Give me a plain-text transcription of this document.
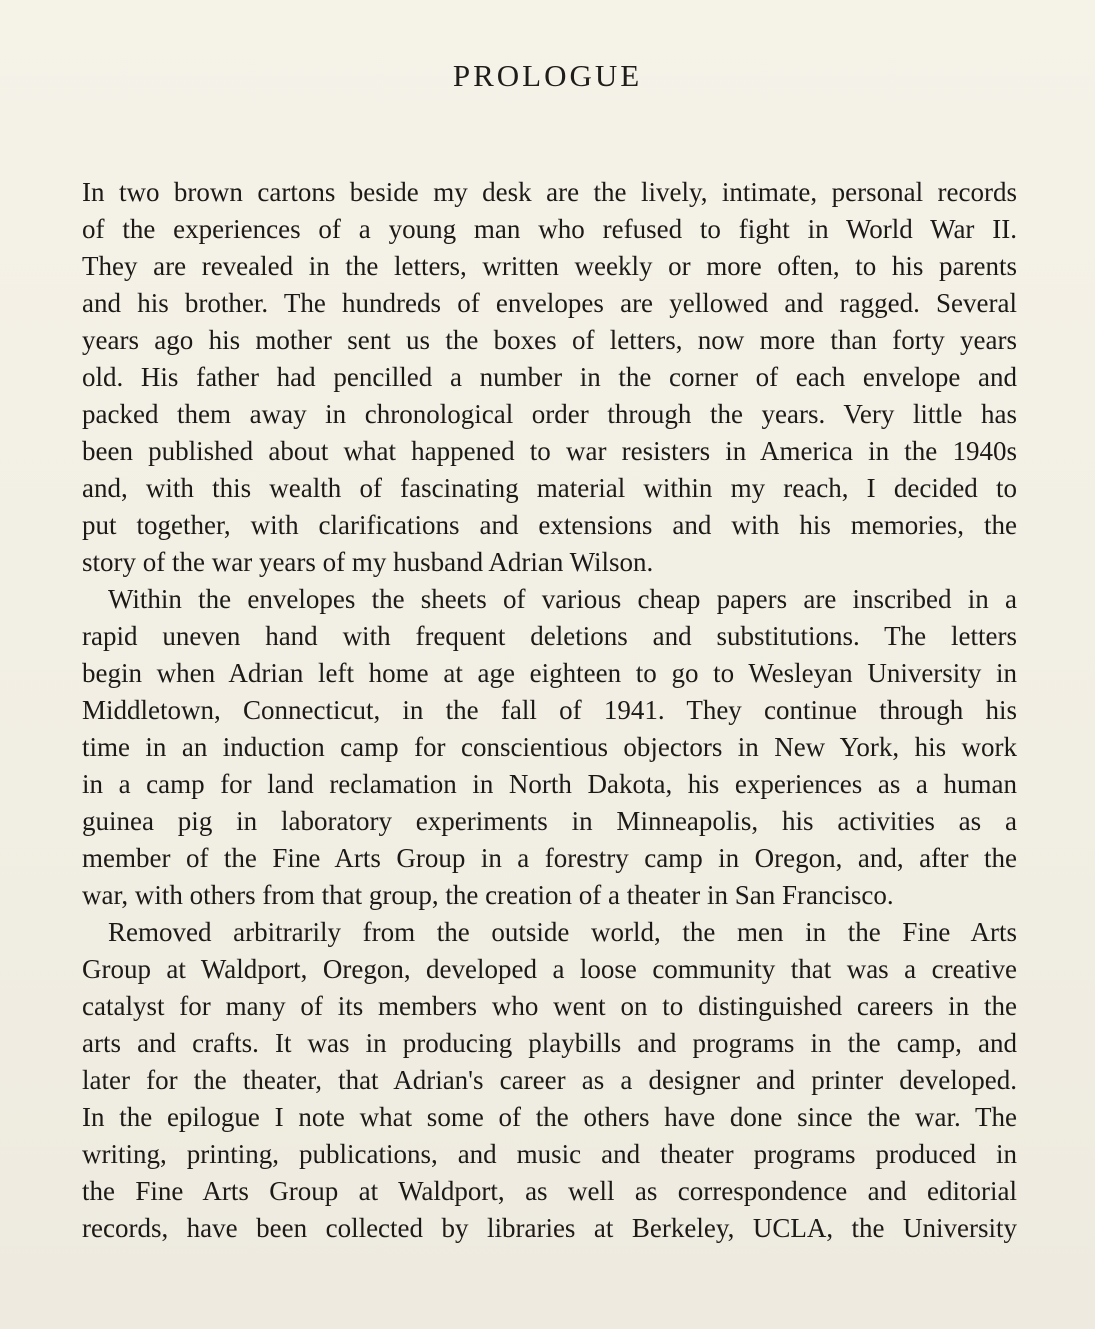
PROLOGUE
In two brown cartons beside my desk are the lively, intimate, personal records
of the experiences of a young man who refused to fight in World War II.
They are revealed in the letters, written weekly or more often, to his parents
and his brother. The hundreds of envelopes are yellowed and ragged. Several
years ago his mother sent us the boxes of letters, now more than forty years
old. His father had pencilled a number in the corner of each envelope and
packed them away in chronological order through the years. Very little has
been published about what happened to war resisters in America in the 1940s
and, with this wealth of fascinating material within my reach, I decided to
put together, with clarifications and extensions and with his memories, the
story of the war years of my husband Adrian Wilson.
Within the envelopes the sheets of various cheap papers are inscribed in a
rapid uneven hand with frequent deletions and substitutions. The letters
begin when Adrian left home at age eighteen to go to Wesleyan University in
Middletown, Connecticut, in the fall of 1941. They continue through his
time in an induction camp for conscientious objectors in New York, his work
in a camp for land reclamation in North Dakota, his experiences as a human
guinea pig in laboratory experiments in Minneapolis, his activities as a
member of the Fine Arts Group in a forestry camp in Oregon, and, after the
war, with others from that group, the creation of a theater in San Francisco.
Removed arbitrarily from the outside world, the men in the Fine Arts
Group at Waldport, Oregon, developed a loose community that was a creative
catalyst for many of its members who went on to distinguished careers in the
arts and crafts. It was in producing playbills and programs in the camp, and
later for the theater, that Adrian's career as a designer and printer developed.
In the epilogue I note what some of the others have done since the war. The
writing, printing, publications, and music and theater programs produced in
the Fine Arts Group at Waldport, as well as correspondence and editorial
records, have been collected by libraries at Berkeley, UCLA, the University
